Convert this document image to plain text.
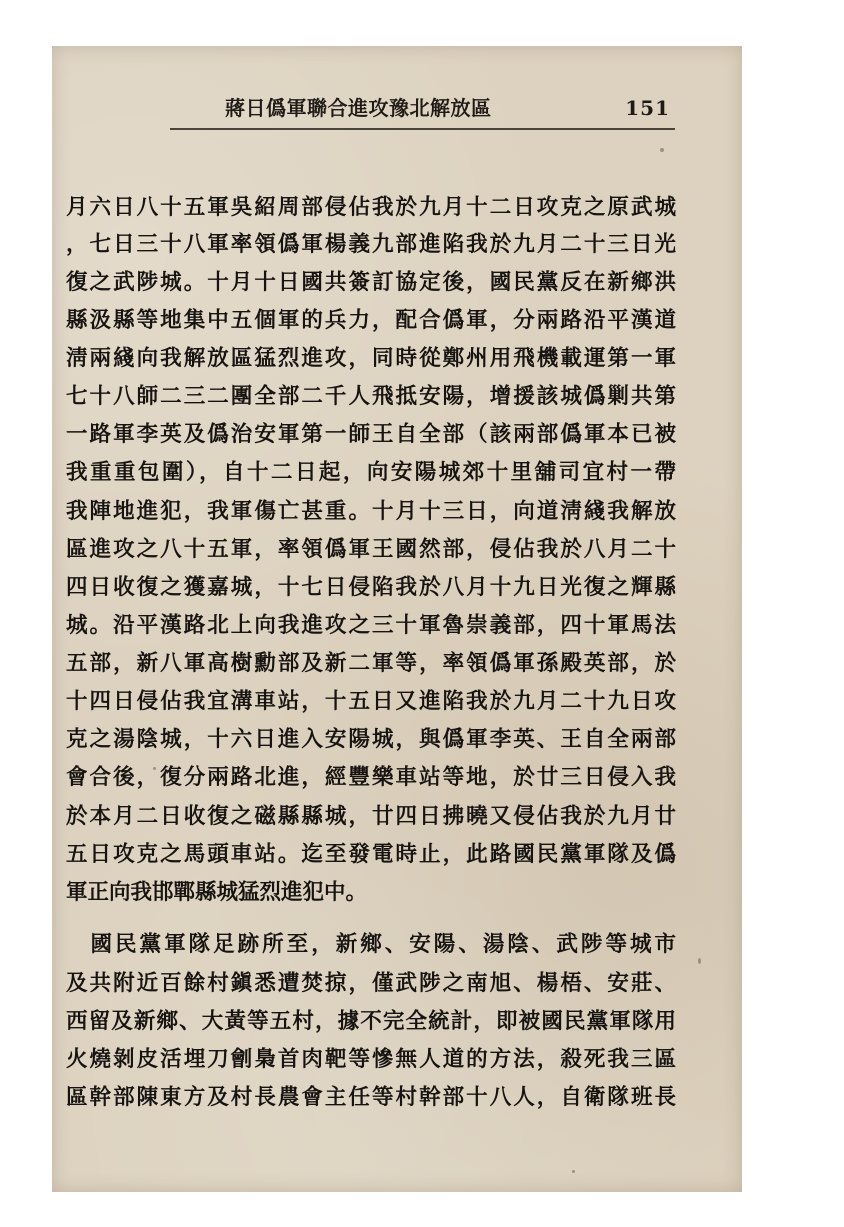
蔣日僞軍聯合進攻豫北解放區	151
月六日八十五軍吳紹周部侵佔我於九月十二日攻克之原武城
，七日三十八軍率領僞軍楊義九部進陷我於九月二十三日光
復之武陟城。十月十日國共簽訂協定後，國民黨反在新鄉洪
縣汲縣等地集中五個軍的兵力，配合僞軍，分兩路沿平漢道
淸兩綫向我解放區猛烈進攻，同時從鄭州用飛機載運第一軍
七十八師二三二團全部二千人飛抵安陽，增援該城僞剿共第
一路軍李英及僞治安軍第一師王自全部（該兩部僞軍本已被
我重重包圍），自十二日起，向安陽城郊十里舖司宜村一帶
我陣地進犯，我軍傷亡甚重。十月十三日，向道淸綫我解放
區進攻之八十五軍，率領僞軍王國然部，侵佔我於八月二十
四日收復之獲嘉城，十七日侵陷我於八月十九日光復之輝縣
城。沿平漢路北上向我進攻之三十軍魯崇義部，四十軍馬法
五部，新八軍高樹勳部及新二軍等，率領僞軍孫殿英部，於
十四日侵佔我宜溝車站，十五日又進陷我於九月二十九日攻
克之湯陰城，十六日進入安陽城，與僞軍李英、王自全兩部
會合後，復分兩路北進，經豐樂車站等地，於廿三日侵入我
於本月二日收復之磁縣縣城，廿四日拂曉又侵佔我於九月廿
五日攻克之馬頭車站。迄至發電時止，此路國民黨軍隊及僞
軍正向我邯鄲縣城猛烈進犯中。
　國民黨軍隊足跡所至，新鄉、安陽、湯陰、武陟等城市
及共附近百餘村鎭悉遭焚掠，僅武陟之南旭、楊梧、安莊、
西留及新鄉、大黃等五村，據不完全統計，即被國民黨軍隊用
火燒剝皮活埋刀劊梟首肉靶等慘無人道的方法，殺死我三區
區幹部陳東方及村長農會主任等村幹部十八人，自衛隊班長
